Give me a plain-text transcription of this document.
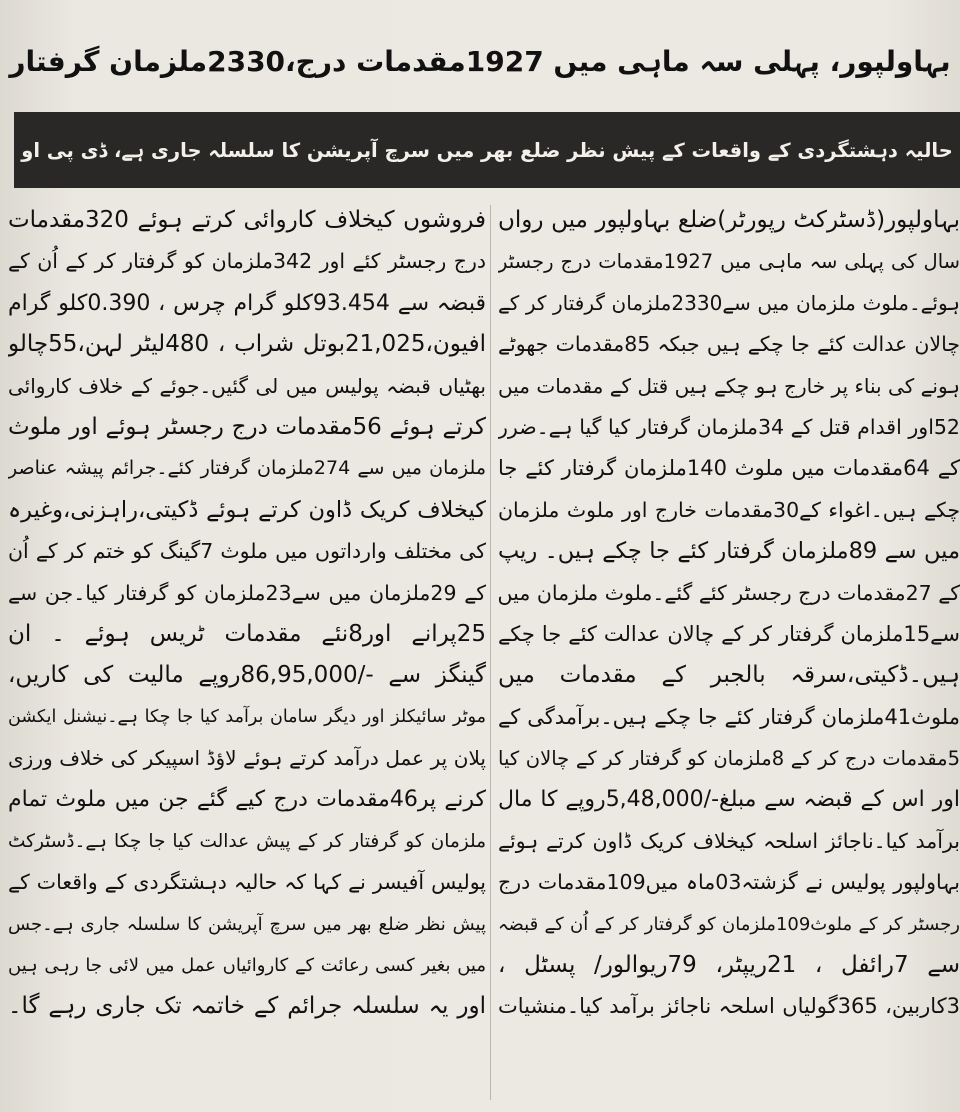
بہاولپور، پہلی سہ ماہی میں 1927مقدمات درج،2330ملزمان گرفتار
حالیہ دہشتگردی کے واقعات کے پیش نظر ضلع بھر میں سرچ آپریشن کا سلسلہ جاری ہے، ڈی پی او
بہاولپور(ڈسٹرکٹ رپورٹر)ضلع بہاولپور میں رواں
سال کی پہلی سہ ماہی میں 1927مقدمات درج رجسٹر
ہوئے۔ملوث ملزمان میں سے2330ملزمان گرفتار کر کے
چالان عدالت کئے جا چکے ہیں جبکہ 85مقدمات جھوٹے
ہونے کی بناء پر خارج ہو چکے ہیں قتل کے مقدمات میں
52اور اقدام قتل کے 34ملزمان گرفتار کیا گیا ہے۔ضرر
کے 64مقدمات میں ملوث 140ملزمان گرفتار کئے جا
چکے ہیں۔اغواء کے30مقدمات خارج اور ملوث ملزمان
میں سے 89ملزمان گرفتار کئے جا چکے ہیں۔ ریپ
کے 27مقدمات درج رجسٹر کئے گئے۔ملوث ملزمان میں
سے15ملزمان گرفتار کر کے چالان عدالت کئے جا چکے
ہیں۔ڈکیتی،سرقہ بالجبر کے مقدمات میں
ملوث41ملزمان گرفتار کئے جا چکے ہیں۔برآمدگی کے
5مقدمات درج کر کے 8ملزمان کو گرفتار کر کے چالان کیا
اور اس کے قبضہ سے مبلغ-/5,48,000روپے کا مال
برآمد کیا۔ناجائز اسلحہ کیخلاف کریک ڈاون کرتے ہوئے
بہاولپور پولیس نے گزشتہ03ماہ میں109مقدمات درج
رجسٹر کر کے ملوث109ملزمان کو گرفتار کر کے اُن کے قبضہ
سے 7رائفل ، 21ریپٹر، 79ریوالور/ پسٹل ،
3کاربین، 365گولیاں اسلحہ ناجائز برآمد کیا۔منشیات
فروشوں کیخلاف کاروائی کرتے ہوئے 320مقدمات
درج رجسٹر کئے اور 342ملزمان کو گرفتار کر کے اُن کے
قبضہ سے 93.454کلو گرام چرس ، 0.390کلو گرام
افیون،21,025بوتل شراب ، 480لیٹر لہن،55چالو
بھٹیاں قبضہ پولیس میں لی گئیں۔جوئے کے خلاف کاروائی
کرتے ہوئے 56مقدمات درج رجسٹر ہوئے اور ملوث
ملزمان میں سے 274ملزمان گرفتار کئے۔جرائم پیشہ عناصر
کیخلاف کریک ڈاون کرتے ہوئے ڈکیتی،راہزنی،وغیرہ
کی مختلف وارداتوں میں ملوث 7گینگ کو ختم کر کے اُن
کے 29ملزمان میں سے23ملزمان کو گرفتار کیا۔جن سے
25پرانے اور8نئے مقدمات ٹریس ہوئے ۔ ان
گینگز سے -/86,95,000روپے مالیت کی کاریں،
موٹر سائیکلز اور دیگر سامان برآمد کیا جا چکا ہے۔نیشنل ایکشن
پلان پر عمل درآمد کرتے ہوئے لاؤڈ اسپیکر کی خلاف ورزی
کرنے پر46مقدمات درج کیے گئے جن میں ملوث تمام
ملزمان کو گرفتار کر کے پیش عدالت کیا جا چکا ہے۔ڈسٹرکٹ
پولیس آفیسر نے کہا کہ حالیہ دہشتگردی کے واقعات کے
پیش نظر ضلع بھر میں سرچ آپریشن کا سلسلہ جاری ہے۔جس
میں بغیر کسی رعائت کے کاروائیاں عمل میں لائی جا رہی ہیں
اور یہ سلسلہ جرائم کے خاتمہ تک جاری رہے گا۔
